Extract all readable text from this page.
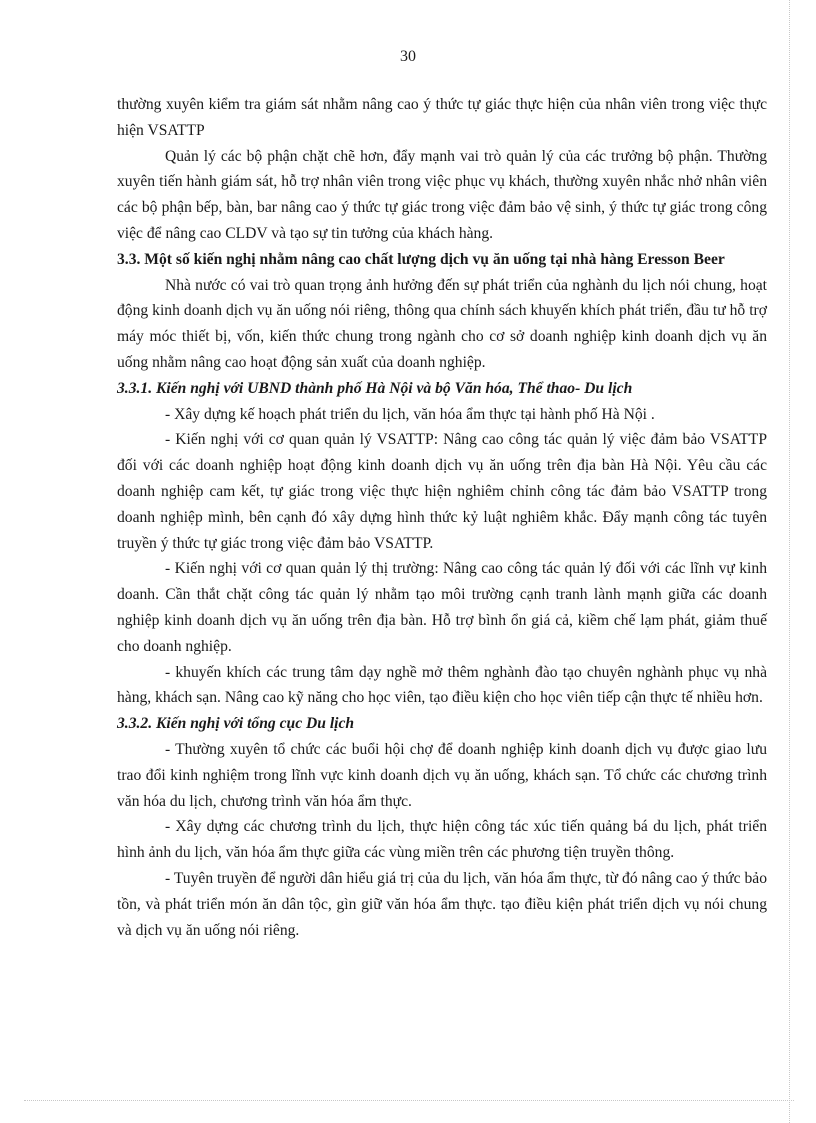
30

thường xuyên kiểm tra giám sát nhằm nâng cao ý thức tự giác thực hiện của nhân viên trong việc thực hiện VSATTP

Quản lý các bộ phận chặt chẽ hơn, đẩy mạnh vai trò quản lý của các trưởng bộ phận. Thường xuyên tiến hành giám sát, hỗ trợ nhân viên trong việc phục vụ khách, thường xuyên nhắc nhở nhân viên các bộ phận bếp, bàn, bar nâng cao ý thức tự giác trong việc đảm bảo vệ sinh, ý thức tự giác trong công việc để nâng cao CLDV và tạo sự tin tưởng của khách hàng.

3.3. Một số kiến nghị nhằm nâng cao chất lượng dịch vụ ăn uống tại nhà hàng Eresson Beer

Nhà nước có vai trò quan trọng ảnh hưởng đến sự phát triển của nghành du lịch nói chung, hoạt động kinh doanh dịch vụ ăn uống nói riêng, thông qua chính sách khuyến khích phát triển, đầu tư hỗ trợ máy móc thiết bị, vốn, kiến thức chung trong ngành cho cơ sở doanh nghiệp kinh doanh dịch vụ ăn uống nhằm nâng cao hoạt động sản xuất của doanh nghiệp.

3.3.1. Kiến nghị với UBND thành phố Hà Nội và bộ Văn hóa, Thể thao- Du lịch

- Xây dựng kế hoạch phát triển du lịch, văn hóa ẩm thực tại hành phố Hà Nội .

- Kiến nghị với cơ quan quản lý VSATTP: Nâng cao công tác quản lý việc đảm bảo VSATTP đối với các doanh nghiệp hoạt động kinh doanh dịch vụ ăn uống trên địa bàn Hà Nội. Yêu cầu các doanh nghiệp cam kết, tự giác trong việc thực hiện nghiêm chỉnh công tác đảm bảo VSATTP trong doanh nghiệp mình, bên cạnh đó xây dựng hình thức kỷ luật nghiêm khắc. Đẩy mạnh công tác tuyên truyền ý thức tự giác trong việc đảm bảo VSATTP.

- Kiến nghị với cơ quan quản lý thị trường: Nâng cao công tác quản lý đối với các lĩnh vự kinh doanh. Cần thắt chặt công tác quản lý nhằm tạo môi trường cạnh tranh lành mạnh giữa các doanh nghiệp kinh doanh dịch vụ ăn uống trên địa bàn. Hỗ trợ bình ổn giá cả, kiềm chế lạm phát, giảm thuế cho doanh nghiệp.

- khuyến khích các trung tâm dạy nghề mở thêm nghành đào tạo chuyên nghành phục vụ nhà hàng, khách sạn. Nâng cao kỹ năng cho học viên, tạo điều kiện cho học viên tiếp cận thực tế nhiều hơn.

3.3.2. Kiến nghị với tổng cục Du lịch

- Thường xuyên tổ chức các buổi hội chợ để doanh nghiệp kinh doanh dịch vụ được giao lưu trao đổi kinh nghiệm trong lĩnh vực kinh doanh dịch vụ ăn uống, khách sạn. Tổ chức các chương trình văn hóa du lịch, chương trình văn hóa ẩm thực.

- Xây dựng các chương trình du lịch, thực hiện công tác xúc tiến quảng bá du lịch, phát triển hình ảnh du lịch, văn hóa ẩm thực giữa các vùng miền trên các phương tiện truyền thông.

- Tuyên truyền để người dân hiểu giá trị của du lịch, văn hóa ẩm thực, từ đó nâng cao ý thức bảo tồn, và phát triển món ăn dân tộc, gìn giữ văn hóa ẩm thực. tạo điều kiện phát triển dịch vụ nói chung và dịch vụ ăn uống nói riêng.
